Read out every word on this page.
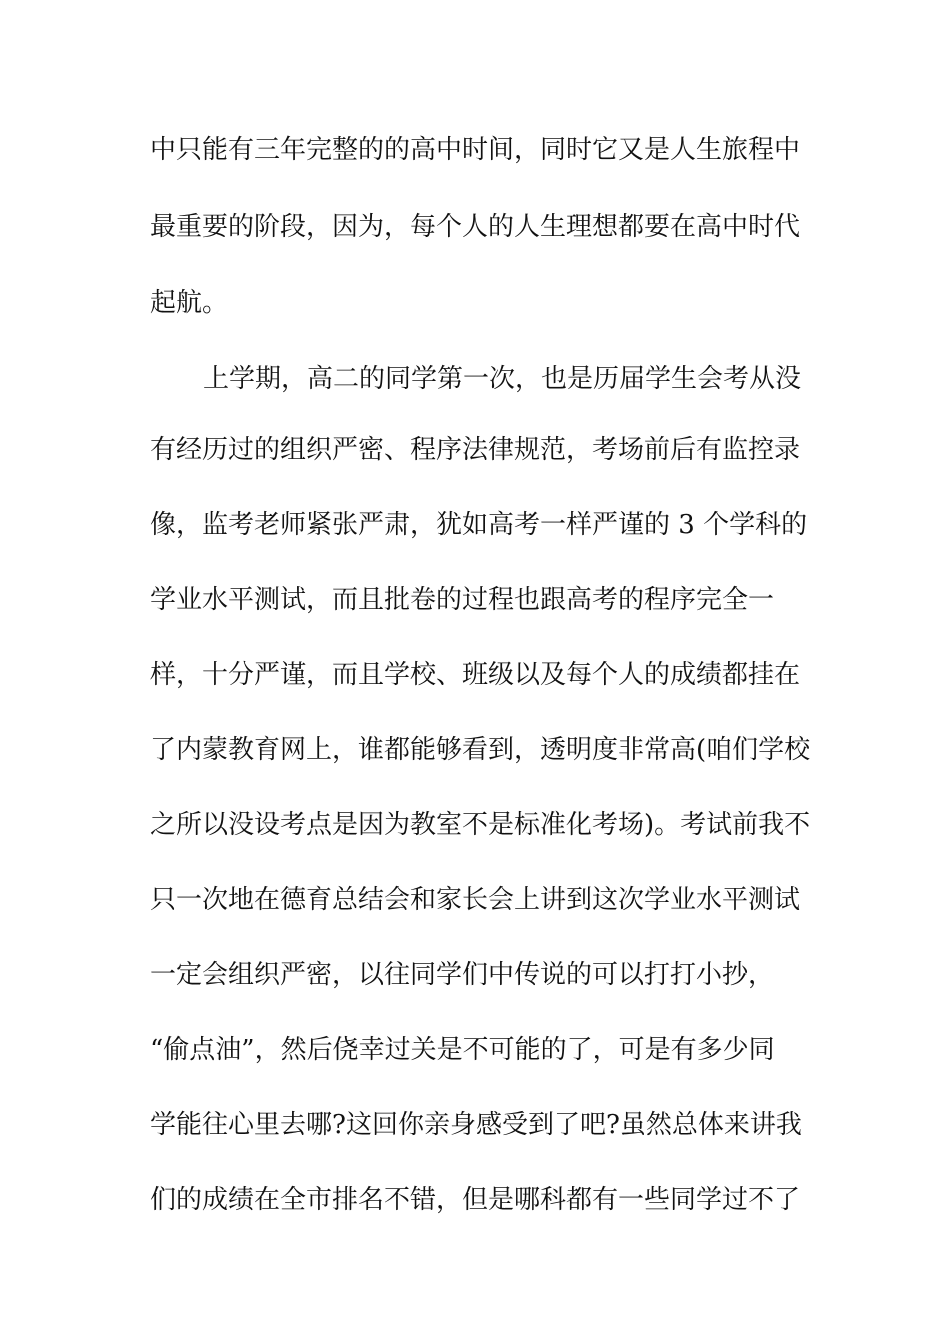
中只能有三年完整的的高中时间，同时它又是人生旅程中
最重要的阶段，因为，每个人的人生理想都要在高中时代
起航。
上学期，高二的同学第一次，也是历届学生会考从没
有经历过的组织严密、程序法律规范，考场前后有监控录
像，监考老师紧张严肃，犹如高考一样严谨的 3 个学科的
学业水平测试，而且批卷的过程也跟高考的程序完全一
样，十分严谨，而且学校、班级以及每个人的成绩都挂在
了内蒙教育网上，谁都能够看到，透明度非常高(咱们学校
之所以没设考点是因为教室不是标准化考场)。考试前我不
只一次地在德育总结会和家长会上讲到这次学业水平测试
一定会组织严密，以往同学们中传说的可以打打小抄，
“偷点油”，然后侥幸过关是不可能的了，可是有多少同
学能往心里去哪?这回你亲身感受到了吧?虽然总体来讲我
们的成绩在全市排名不错，但是哪科都有一些同学过不了
